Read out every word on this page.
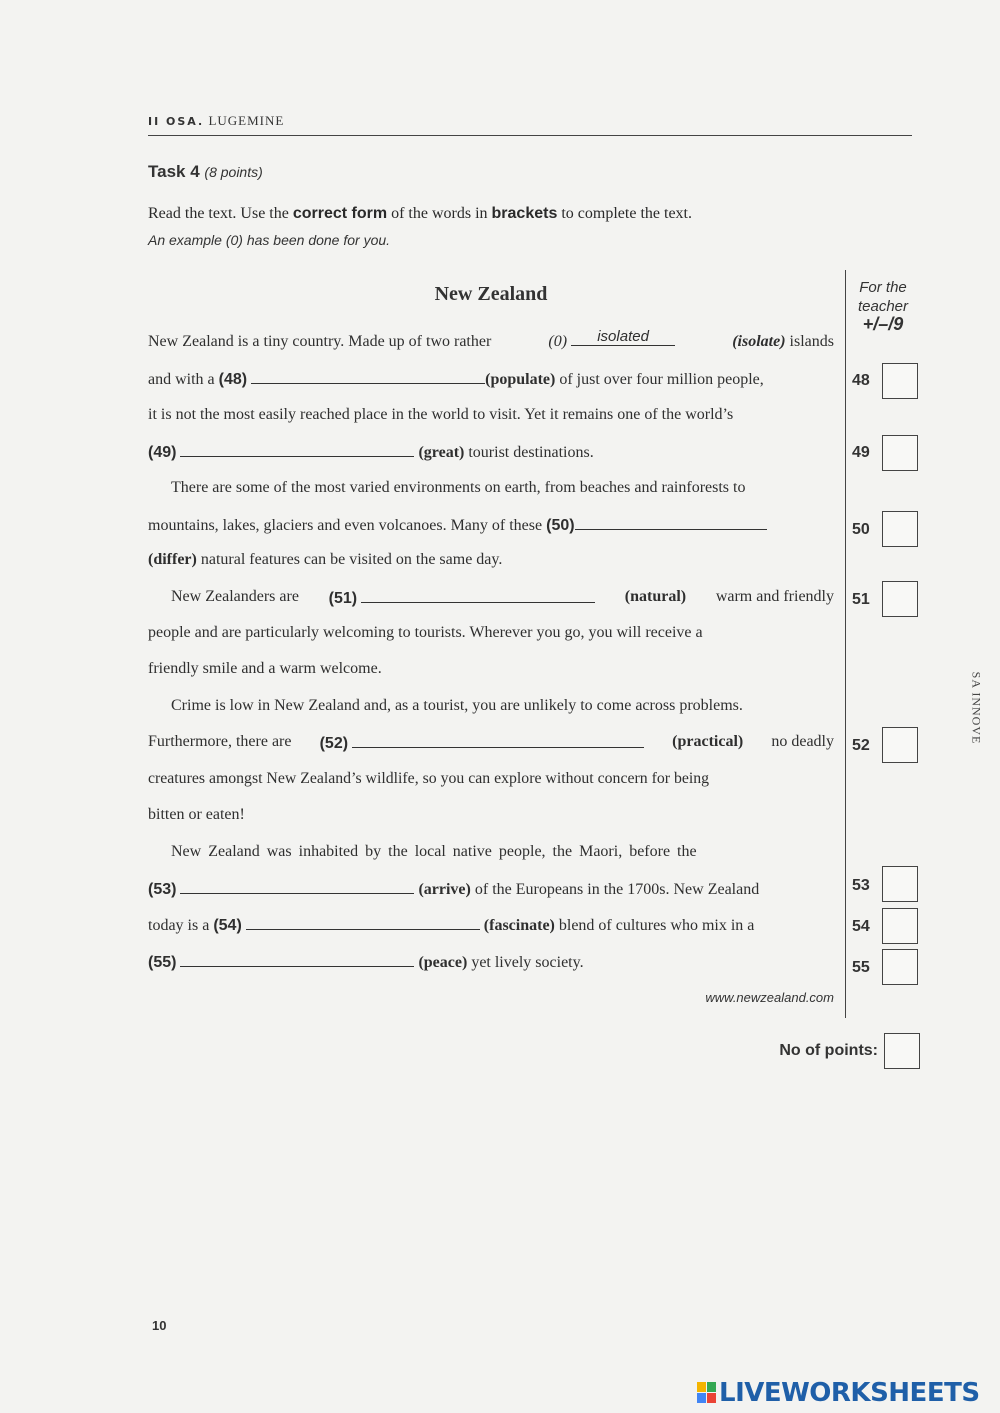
II OSA. LUGEMINE
Task 4 (8 points)
Read the text. Use the correct form of the words in brackets to complete the text.
An example (0) has been done for you.
For the
teacher
+/–/9
New Zealand
New Zealand is a tiny country. Made up of two rather	(0) isolated	(isolate) islands
and with a (48)	(populate) of just over four million people,
it is not the most easily reached place in the world to visit. Yet it remains one of the world’s
(49)	(great) tourist destinations.
There are some of the most varied environments on earth, from beaches and rainforests to
mountains, lakes, glaciers and even volcanoes. Many of these (50)
(differ) natural features can be visited on the same day.
New Zealanders are (51)	(natural) warm and friendly
people and are particularly welcoming to tourists. Wherever you go, you will receive a
friendly smile and a warm welcome.
Crime is low in New Zealand and, as a tourist, you are unlikely to come across problems.
Furthermore, there are (52)	(practical) no deadly
creatures amongst New Zealand’s wildlife, so you can explore without concern for being
bitten or eaten!
New Zealand was inhabited by the local native people, the Maori, before the
(53)	(arrive) of the Europeans in the 1700s. New Zealand
today is a (54)	(fascinate) blend of cultures who mix in a
(55)	(peace) yet lively society.
www.newzealand.com
48
49
50
51
52
53
54
55
No of points:
SA INNOVE
10
LIVEWORKSHEETS
